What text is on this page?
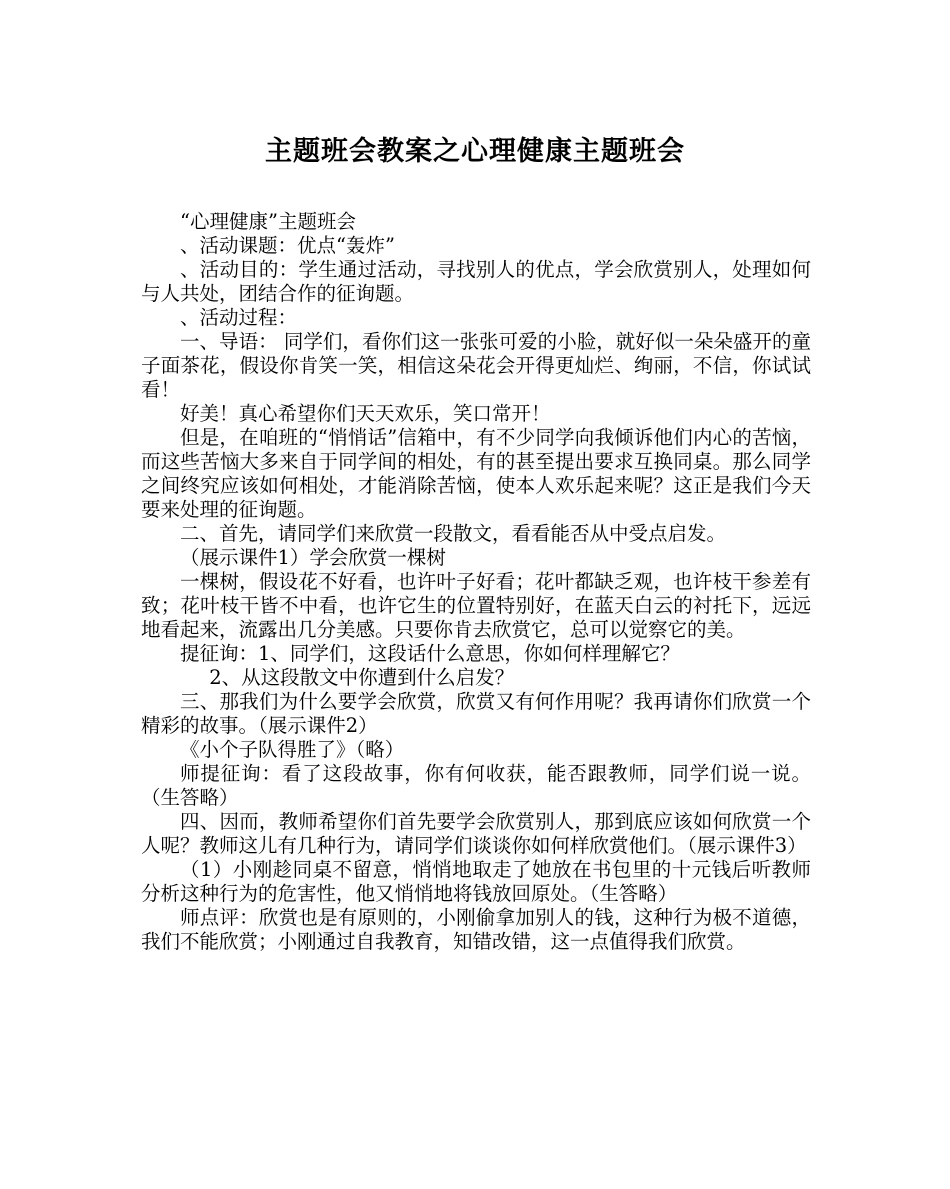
主题班会教案之心理健康主题班会

“心理健康”主题班会

、活动课题：优点“轰炸”

、活动目的：学生通过活动，寻找别人的优点，学会欣赏别人，处理如何与人共处，团结合作的征询题。

、活动过程：

一、导语： 同学们，看你们这一张张可爱的小脸，就好似一朵朵盛开的童子面茶花，假设你肯笑一笑，相信这朵花会开得更灿烂、绚丽，不信，你试试看！

好美！真心希望你们天天欢乐，笑口常开！

但是，在咱班的“悄悄话”信箱中，有不少同学向我倾诉他们内心的苦恼，而这些苦恼大多来自于同学间的相处，有的甚至提出要求互换同桌。那么同学之间终究应该如何相处，才能消除苦恼，使本人欢乐起来呢？这正是我们今天要来处理的征询题。

二、首先，请同学们来欣赏一段散文，看看能否从中受点启发。

（展示课件1）学会欣赏一棵树

一棵树，假设花不好看，也许叶子好看；花叶都缺乏观，也许枝干参差有致；花叶枝干皆不中看，也许它生的位置特别好，在蓝天白云的衬托下，远远地看起来，流露出几分美感。只要你肯去欣赏它，总可以觉察它的美。

提征询：1、同学们，这段话什么意思，你如何样理解它？

2、从这段散文中你遭到什么启发？

三、那我们为什么要学会欣赏，欣赏又有何作用呢？我再请你们欣赏一个精彩的故事。（展示课件2）

《小个子队得胜了》（略）

师提征询：看了这段故事，你有何收获，能否跟教师，同学们说一说。（生答略）

四、因而，教师希望你们首先要学会欣赏别人，那到底应该如何欣赏一个人呢？教师这儿有几种行为，请同学们谈谈你如何样欣赏他们。（展示课件3）

（1）小刚趁同桌不留意，悄悄地取走了她放在书包里的十元钱后听教师分析这种行为的危害性，他又悄悄地将钱放回原处。（生答略）

师点评：欣赏也是有原则的，小刚偷拿加别人的钱，这种行为极不道德，我们不能欣赏；小刚通过自我教育，知错改错，这一点值得我们欣赏。
